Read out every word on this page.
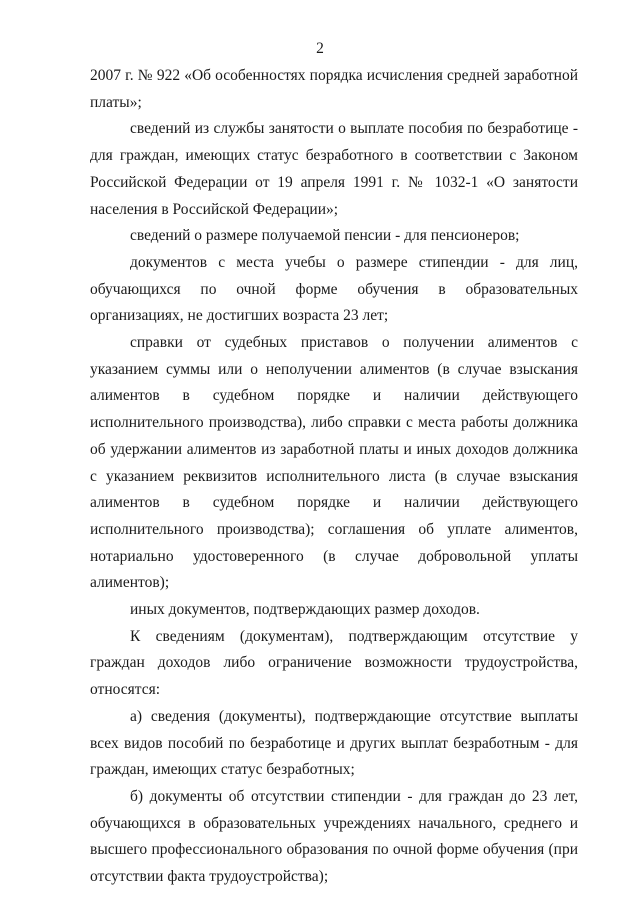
2

2007 г. № 922 «Об особенностях порядка исчисления средней заработной платы»;

сведений из службы занятости о выплате пособия по безработице - для граждан, имеющих статус безработного в соответствии с Законом Российской Федерации от 19 апреля 1991 г. № 1032-1 «О занятости населения в Российской Федерации»;

сведений о размере получаемой пенсии - для пенсионеров;

документов с места учебы о размере стипендии - для лиц, обучающихся по очной форме обучения в образовательных организациях, не достигших возраста 23 лет;

справки от судебных приставов о получении алиментов с указанием суммы или о неполучении алиментов (в случае взыскания алиментов в судебном порядке и наличии действующего исполнительного производства), либо справки с места работы должника об удержании алиментов из заработной платы и иных доходов должника с указанием реквизитов исполнительного листа (в случае взыскания алиментов в судебном порядке и наличии действующего исполнительного производства); соглашения об уплате алиментов, нотариально удостоверенного (в случае добровольной уплаты алиментов);

иных документов, подтверждающих размер доходов.

К сведениям (документам), подтверждающим отсутствие у граждан доходов либо ограничение возможности трудоустройства, относятся:

а) сведения (документы), подтверждающие отсутствие выплаты всех видов пособий по безработице и других выплат безработным - для граждан, имеющих статус безработных;

б) документы об отсутствии стипендии - для граждан до 23 лет, обучающихся в образовательных учреждениях начального, среднего и высшего профессионального образования по очной форме обучения (при отсутствии факта трудоустройства);
